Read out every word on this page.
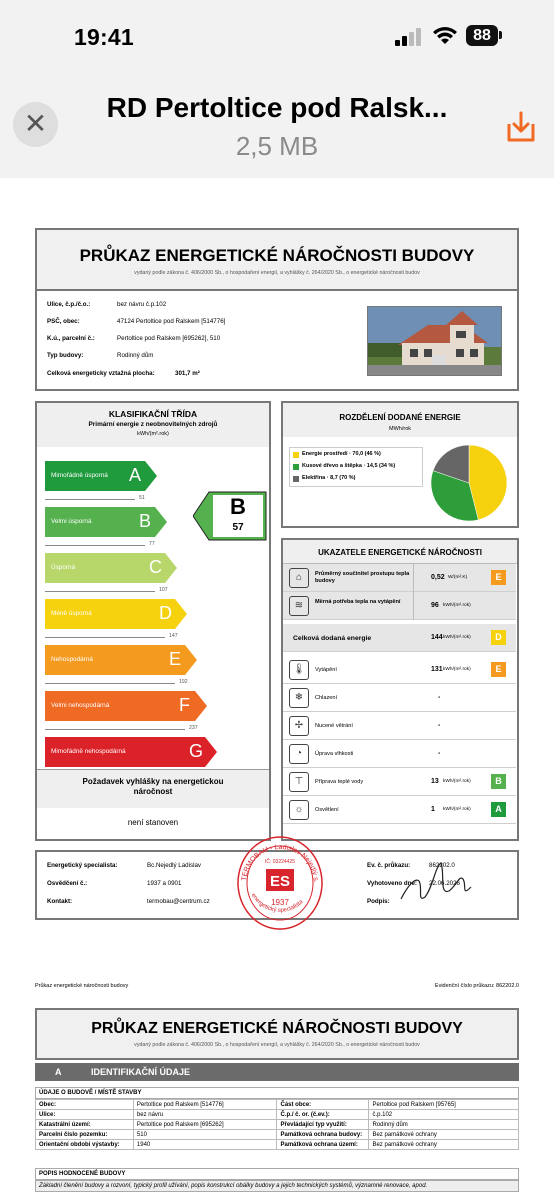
19:41	88
✕
RD Pertoltice pod Ralsk...
2,5 MB
PRŮKAZ ENERGETICKÉ NÁROČNOSTI BUDOVY
vydaný podle zákona č. 406/2000 Sb., o hospodaření energií, a vyhlášky č. 264/2020 Sb., o energetické náročnosti budov
Ulice, č.p./č.o.:	bez návru č.p.102
PSČ, obec:	47124 Pertoltice pod Ralskem [514776]
K.ú., parcelní č.:	Pertoltice pod Ralskem [695262], 510
Typ budovy:	Rodinný dům
Celková energeticky vztažná plocha:	301,7 m²
KLASIFIKAČNÍ TŘÍDA
Primární energie z neobnovitelných zdrojů
kWh/(m².rok)
Mimořádně úsporná	A
51
Velmi úsporná	B
77
Úsporná	C
107
Méně úsporná	D
147
Nehospodárná	E
192
Velmi nehospodárná	F
237
Mimořádně nehospodárná	G
B
57
Požadavek vyhlášky na energetickou náročnost
není stanoven
ROZDĚLENÍ DODANÉ ENERGIE
MWh/rok
Energie prostředí · 70,0 (46 %)
Kusové dřevo a štěpka · 14,5 (34 %)
Elektřina · 8,7 (70 %)
UKAZATELE ENERGETICKÉ NÁROČNOSTI
⌂	Průměrný součinitel prostupu tepla budovy	0,52 W/(m².K)	E
≋	Měrná potřeba tepla na vytápění	96 kWh/(m².rok)
Celková dodaná energie	144 kWh/(m².rok)	D
🌡	Vytápění	131 kWh/(m².rok)	E
❄	Chlazení	-
✢	Nucené větrání	-
◔	Úprava vlhkosti	-
⊤	Příprava teplé vody	13 kWh/(m².rok)	B
☼	Osvětlení	1 kWh/(m².rok)	A
Energetický specialista:	Bc.Nejedlý Ladislav
Osvědčení č.:	1937 a 0901
Kontakt:	termobau@centrum.cz
Ev. č. průkazu:	862202.0
Vyhotoveno dne: 22.06.2026
Podpis:
TERMOBAU - Ladislav Nejedlý s.
energetický specialista
ES
1937
IČ: 03224425
Průkaz energetické náročnosti budovy	Evidenční číslo průkazu: 862202.0
PRŮKAZ ENERGETICKÉ NÁROČNOSTI BUDOVY
vydaný podle zákona č. 406/2000 Sb., o hospodaření energií, a vyhlášky č. 264/2020 Sb., o energetické náročnosti budov
A	IDENTIFIKAČNÍ ÚDAJE
ÚDAJE O BUDOVĚ / MÍSTĚ STAVBY
Obec:	Pertoltice pod Ralskem [514776]	Část obce:	Pertoltice pod Ralskem [95765]
Ulice:	bez návru	Č.p./ č. or. (č.ev.):	č.p.102
Katastrální území:	Pertoltice pod Ralskem [695262]	Převládající typ využití:	Rodinný dům
Parcelní číslo pozemku:	510	Památková ochrana budovy:	Bez památkové ochrany
Orientační období výstavby:	1940	Památková ochrana území:	Bez památkové ochrany
POPIS HODNOCENÉ BUDOVY
Základní členění budovy a rozvoní, typický profil užívání, popis konstrukcí obálky budovy a jejich technických systémů, významné renovace, apod.
